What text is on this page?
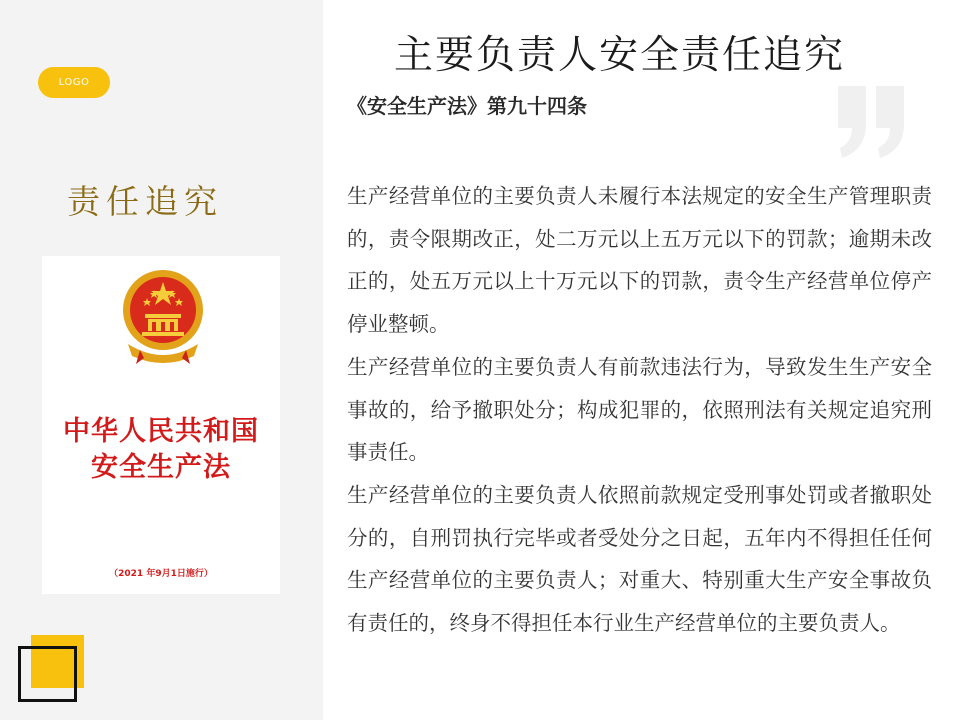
LOGO
责任追究
中华人民共和国
安全生产法
（2021 年9月1日施行）
主要负责人安全责任追究
《安全生产法》第九十四条

生产经营单位的主要负责人未履行本法规定的安全生产管理职责的，责令限期改正，处二万元以上五万元以下的罚款；逾期未改正的，处五万元以上十万元以下的罚款，责令生产经营单位停产停业整顿。

生产经营单位的主要负责人有前款违法行为，导致发生生产安全事故的，给予撤职处分；构成犯罪的，依照刑法有关规定追究刑事责任。

生产经营单位的主要负责人依照前款规定受刑事处罚或者撤职处分的，自刑罚执行完毕或者受处分之日起，五年内不得担任任何生产经营单位的主要负责人；对重大、特别重大生产安全事故负有责任的，终身不得担任本行业生产经营单位的主要负责人。
